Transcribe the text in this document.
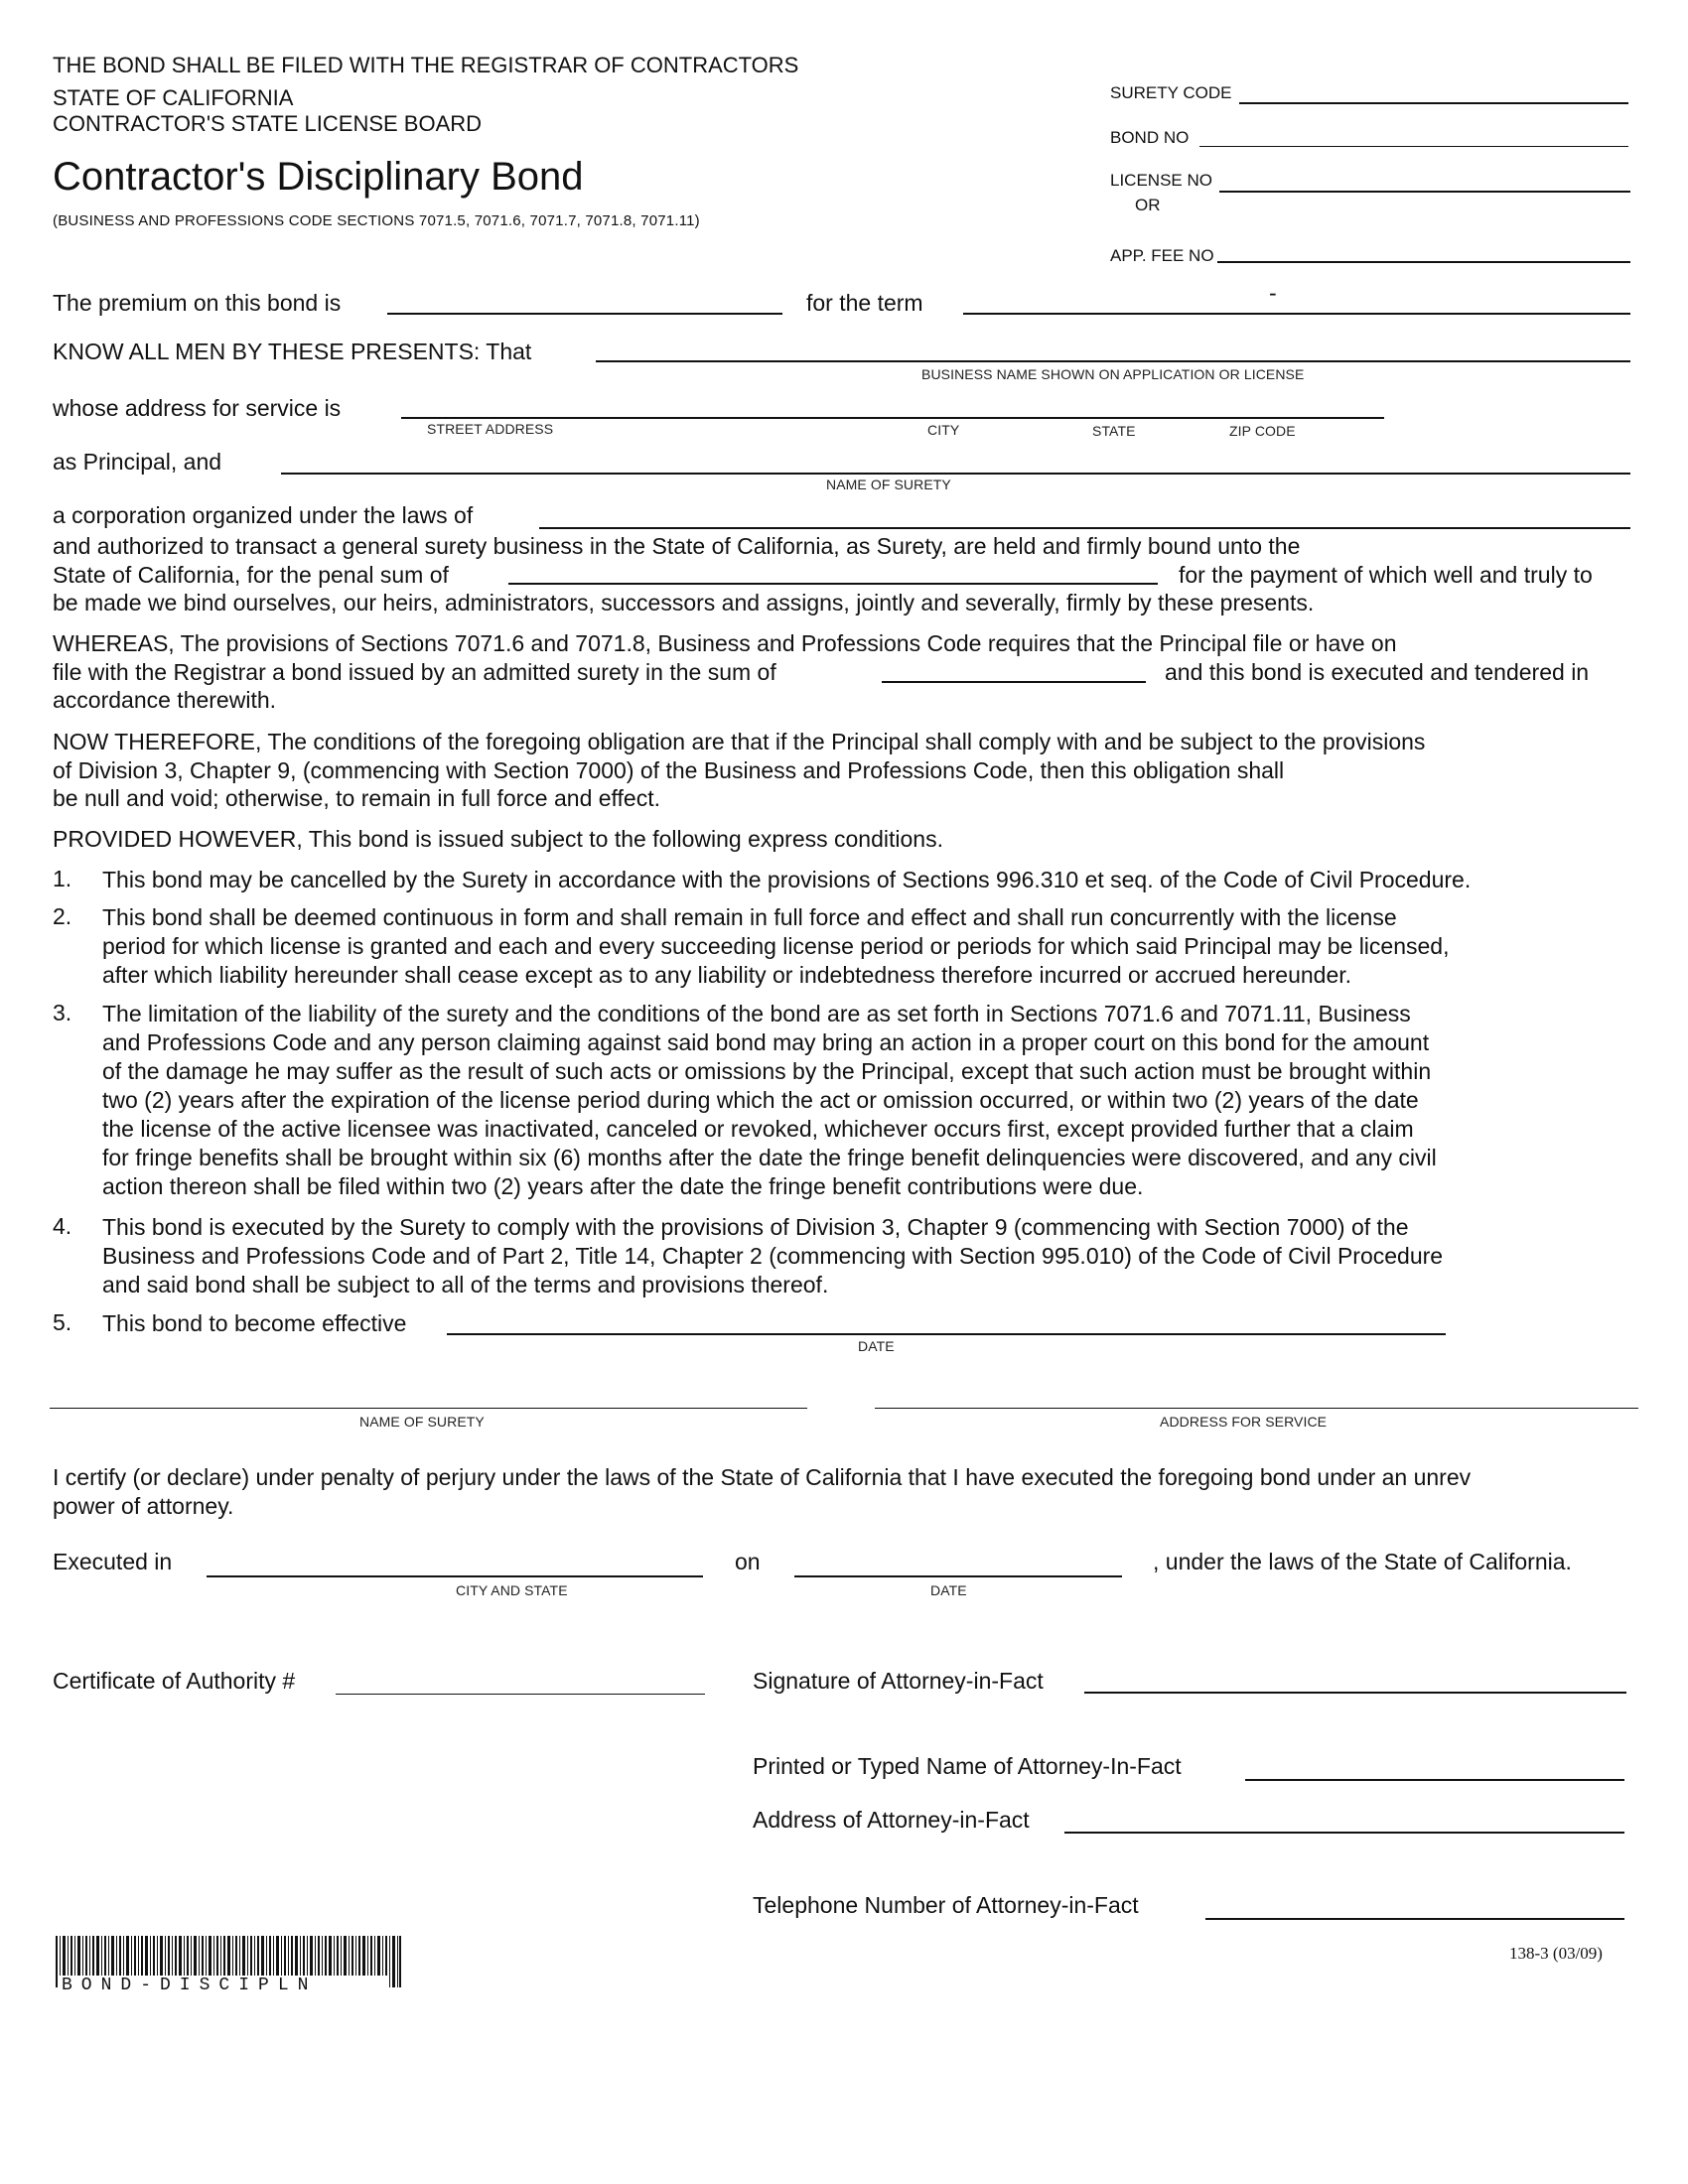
THE BOND SHALL BE FILED WITH THE REGISTRAR OF CONTRACTORS
STATE OF CALIFORNIA
CONTRACTOR'S STATE LICENSE BOARD
Contractor's Disciplinary Bond
(BUSINESS AND PROFESSIONS CODE SECTIONS 7071.5, 7071.6, 7071.7, 7071.8, 7071.11)
SURETY CODE
BOND NO
LICENSE NO
OR
APP. FEE NO
The premium on this bond is	for the term	-
KNOW ALL MEN BY THESE PRESENTS: That
BUSINESS NAME SHOWN ON APPLICATION OR LICENSE
whose address for service is
STREET ADDRESS	CITY	STATE	ZIP CODE
as Principal, and
NAME OF SURETY
a corporation organized under the laws of
and authorized to transact a general surety business in the State of California, as Surety, are held and firmly bound unto the
State of California, for the penal sum of	for the payment of which well and truly to
be made we bind ourselves, our heirs, administrators, successors and assigns, jointly and severally, firmly by these presents.
WHEREAS, The provisions of Sections 7071.6 and 7071.8, Business and Professions Code requires that the Principal file or have on
file with the Registrar a bond issued by an admitted surety in the sum of	and this bond is executed and tendered in
accordance therewith.
NOW THEREFORE, The conditions of the foregoing obligation are that if the Principal shall comply with and be subject to the provisions
of Division 3, Chapter 9, (commencing with Section 7000) of the Business and Professions Code, then this obligation shall
be null and void; otherwise, to remain in full force and effect.
PROVIDED HOWEVER, This bond is issued subject to the following express conditions.
1. This bond may be cancelled by the Surety in accordance with the provisions of Sections 996.310 et seq. of the Code of Civil Procedure.
2. This bond shall be deemed continuous in form and shall remain in full force and effect and shall run concurrently with the license
period for which license is granted and each and every succeeding license period or periods for which said Principal may be licensed,
after which liability hereunder shall cease except as to any liability or indebtedness therefore incurred or accrued hereunder.
3. The limitation of the liability of the surety and the conditions of the bond are as set forth in Sections 7071.6 and 7071.11, Business
and Professions Code and any person claiming against said bond may bring an action in a proper court on this bond for the amount
of the damage he may suffer as the result of such acts or omissions by the Principal, except that such action must be brought within
two (2) years after the expiration of the license period during which the act or omission occurred, or within two (2) years of the date
the license of the active licensee was inactivated, canceled or revoked, whichever occurs first, except provided further that a claim
for fringe benefits shall be brought within six (6) months after the date the fringe benefit delinquencies were discovered, and any civil
action thereon shall be filed within two (2) years after the date the fringe benefit contributions were due.
4. This bond is executed by the Surety to comply with the provisions of Division 3, Chapter 9 (commencing with Section 7000) of the
Business and Professions Code and of Part 2, Title 14, Chapter 2 (commencing with Section 995.010) of the Code of Civil Procedure
and said bond shall be subject to all of the terms and provisions thereof.
5. This bond to become effective
DATE
NAME OF SURETY	ADDRESS FOR SERVICE
I certify (or declare) under penalty of perjury under the laws of the State of California that I have executed the foregoing bond under an unrev
power of attorney.
Executed in
CITY AND STATE
on
DATE
, under the laws of the State of California.
Certificate of Authority #	Signature of Attorney-in-Fact
Printed or Typed Name of Attorney-In-Fact
Address of Attorney-in-Fact
Telephone Number of Attorney-in-Fact
BOND-DISCIPLN
138-3 (03/09)
